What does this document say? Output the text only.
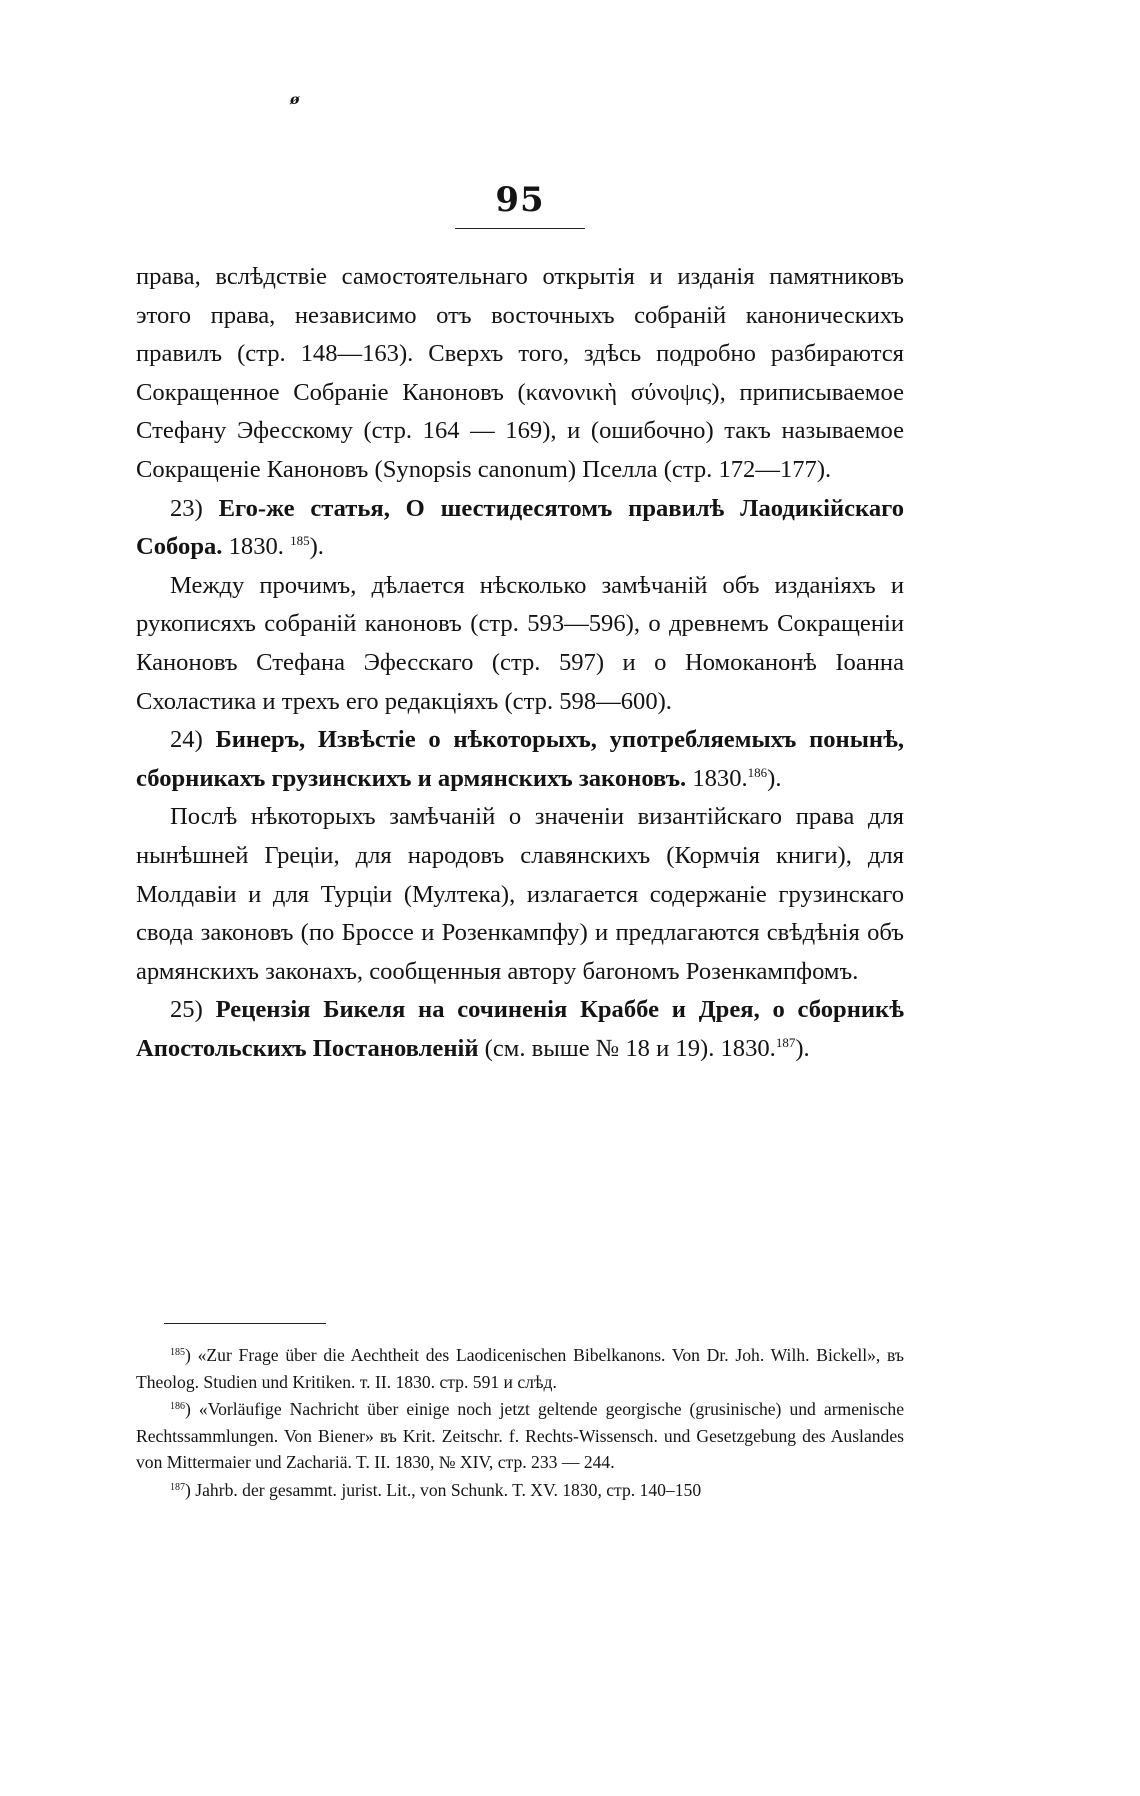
ø
95

права, вслѣдствіе самостоятельнаго открытія и изданія памятниковъ этого права, независимо отъ восточныхъ собраній каноническихъ правилъ (стр. 148—163). Сверхъ того, здѣсь подробно разбираются Сокращенное Собраніе Каноновъ (κανονικὴ σύνοψις), приписываемое Стефану Эфесскому (стр. 164 — 169), и (ошибочно) такъ называемое Сокращеніе Каноновъ (Synopsis canonum) Пселла (стр. 172—177).

23) Его-же статья, О шестидесятомъ правилѣ Лаодикійскаго Собора. 1830. $^{185}$).

Между прочимъ, дѣлается нѣсколько замѣчаній объ изданіяхъ и рукописяхъ собраній каноновъ (стр. 593—596), о древнемъ Сокращеніи Каноновъ Стефана Эфесскаго (стр. 597) и о Номоканонѣ Іоанна Схоластика и трехъ его редакціяхъ (стр. 598—600).

24) Бинеръ, Извѣстіе о нѣкоторыхъ, употребляемыхъ понынѣ, сборникахъ грузинскихъ и армянскихъ законовъ. 1830.$^{186}$).

Послѣ нѣкоторыхъ замѣчаній о значеніи византійскаго права для нынѣшней Греціи, для народовъ славянскихъ (Кормчія книги), для Молдавіи и для Турціи (Мултека), излагается содержаніе грузинскаго свода законовъ (по Броссе и Розенкампфу) и предлагаются свѣдѣнія объ армянскихъ законахъ, сообщенныя автору бarономъ Розенкампфомъ.

25) Рецензія Бикеля на сочиненія Краббе и Дрея, о сборникѣ Апостольскихъ Постановленій (см. выше № 18 и 19). 1830.$^{187}$).

$^{185}$) «Zur Frage über die Aechtheit des Laodicenischen Bibelkanons. Von Dr. Joh. Wilh. Bickell», въ Theolog. Studien und Kritiken. т. II. 1830. стр. 591 и слѣд.

$^{186}$) «Vorläufige Nachricht über einige noch jetzt geltende georgische (grusinische) und armenische Rechtssammlungen. Von Biener» въ Krit. Zeitschr. f. Rechts-Wissensch. und Gesetzgebung des Auslandes von Mittermaier und Zachariä. T. II. 1830, № XIV, стр. 233 — 244.

$^{187}$) Jahrb. der gesammt. jurist. Lit., von Schunk. T. XV. 1830, стр. 140–150
